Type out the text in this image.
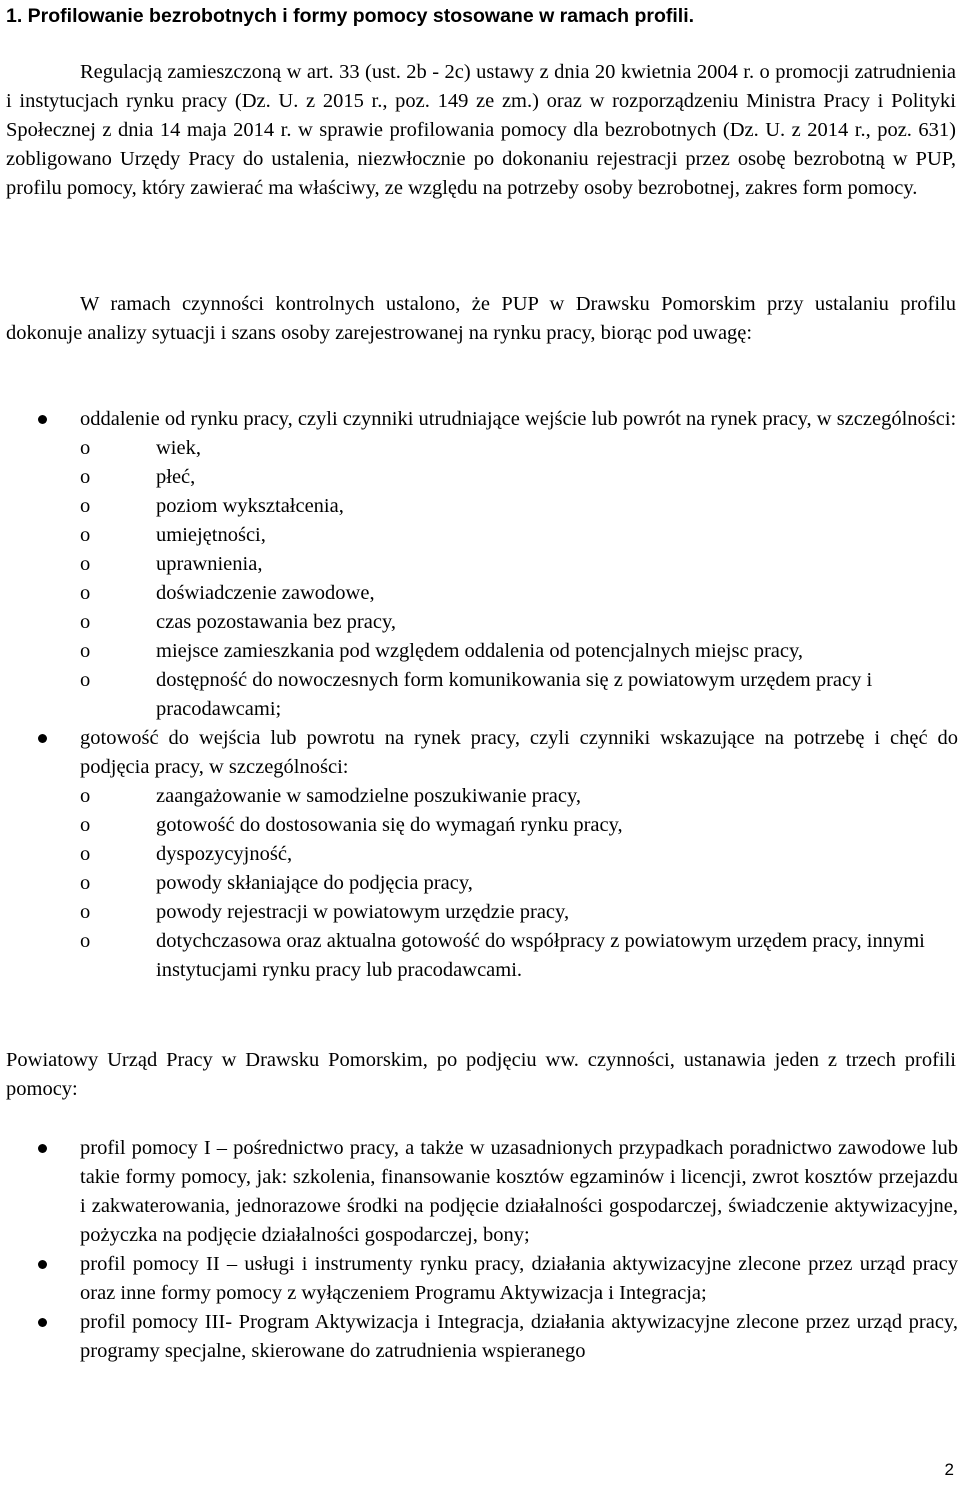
1. Profilowanie bezrobotnych i formy pomocy stosowane w ramach profili.

Regulacją zamieszczoną w art. 33 (ust. 2b - 2c) ustawy z dnia 20 kwietnia 2004 r. o promocji zatrudnienia i instytucjach rynku pracy (Dz. U. z 2015 r., poz. 149 ze zm.) oraz w rozporządzeniu Ministra Pracy i Polityki Społecznej z dnia 14 maja 2014 r. w sprawie profilowania pomocy dla bezrobotnych (Dz. U. z 2014 r., poz. 631) zobligowano Urzędy Pracy do ustalenia, niezwłocznie po dokonaniu rejestracji przez osobę bezrobotną w PUP, profilu pomocy, który zawierać ma właściwy, ze względu na potrzeby osoby bezrobotnej, zakres form pomocy.

W ramach czynności kontrolnych ustalono, że PUP w Drawsku Pomorskim przy ustalaniu profilu dokonuje analizy sytuacji i szans osoby zarejestrowanej na rynku pracy, biorąc pod uwagę:

oddalenie od rynku pracy, czyli czynniki utrudniające wejście lub powrót na rynek pracy, w szczególności:
o	wiek,
o	płeć,
o	poziom wykształcenia,
o	umiejętności,
o	uprawnienia,
o	doświadczenie zawodowe,
o	czas pozostawania bez pracy,
o	miejsce zamieszkania pod względem oddalenia od potencjalnych miejsc pracy,
o	dostępność do nowoczesnych form komunikowania się z powiatowym urzędem pracy i pracodawcami;
gotowość do wejścia lub powrotu na rynek pracy, czyli czynniki wskazujące na potrzebę i chęć do podjęcia pracy, w szczególności:
o	zaangażowanie w samodzielne poszukiwanie pracy,
o	gotowość do dostosowania się do wymagań rynku pracy,
o	dyspozycyjność,
o	powody skłaniające do podjęcia pracy,
o	powody rejestracji w powiatowym urzędzie pracy,
o	dotychczasowa oraz aktualna gotowość do współpracy z powiatowym urzędem pracy, innymi instytucjami rynku pracy lub pracodawcami.

Powiatowy Urząd Pracy w Drawsku Pomorskim, po podjęciu ww. czynności, ustanawia jeden z trzech profili pomocy:

profil pomocy I – pośrednictwo pracy, a także w uzasadnionych przypadkach poradnictwo zawodowe lub takie formy pomocy, jak: szkolenia, finansowanie kosztów egzaminów i licencji, zwrot kosztów przejazdu i zakwaterowania, jednorazowe środki na podjęcie działalności gospodarczej, świadczenie aktywizacyjne, pożyczka na podjęcie działalności gospodarczej, bony;
profil pomocy II – usługi i instrumenty rynku pracy, działania aktywizacyjne zlecone przez urząd pracy oraz inne formy pomocy z wyłączeniem Programu Aktywizacja i Integracja;
profil pomocy III- Program Aktywizacja i Integracja, działania aktywizacyjne zlecone przez urząd pracy, programy specjalne, skierowane do zatrudnienia wspieranego
2
